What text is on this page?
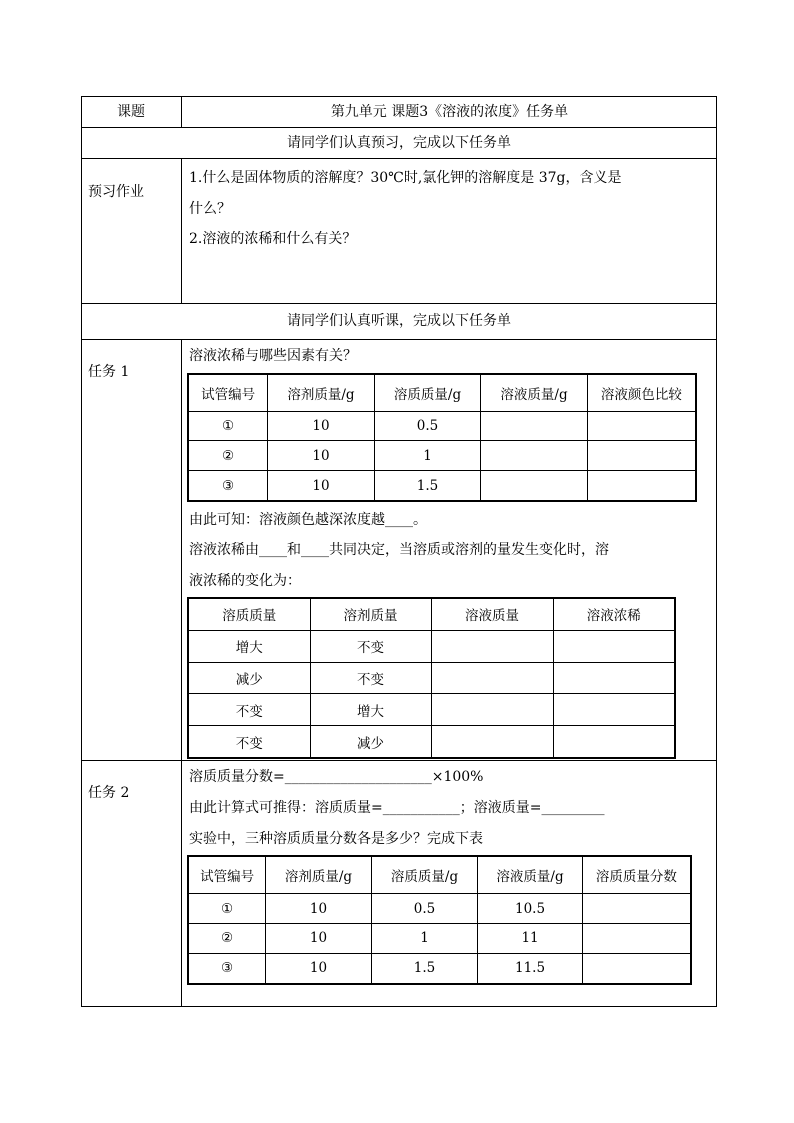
课题	第九单元 课题3《溶液的浓度》任务单
请同学们认真预习，完成以下任务单
预习作业
1.什么是固体物质的溶解度？30℃时,氯化钾的溶解度是 37g，含义是
什么？
2.溶液的浓稀和什么有关？
请同学们认真听课，完成以下任务单
任务 1
溶液浓稀与哪些因素有关？
试管编号	溶剂质量/g	溶质质量/g	溶液质量/g	溶液颜色比较
①	10	0.5		
②	10	1		
③	10	1.5		
由此可知：溶液颜色越深浓度越____。
溶液浓稀由____和____共同决定，当溶质或溶剂的量发生变化时，溶
液浓稀的变化为：
溶质质量	溶剂质量	溶液质量	溶液浓稀
增大	不变		
减少	不变		
不变	增大		
不变	减少		
任务 2
溶质质量分数=_____________________×100%
由此计算式可推得：溶质质量=___________；溶液质量=_________
实验中，三种溶质质量分数各是多少？完成下表
试管编号	溶剂质量/g	溶质质量/g	溶液质量/g	溶质质量分数
①	10	0.5	10.5	
②	10	1	11	
③	10	1.5	11.5	
